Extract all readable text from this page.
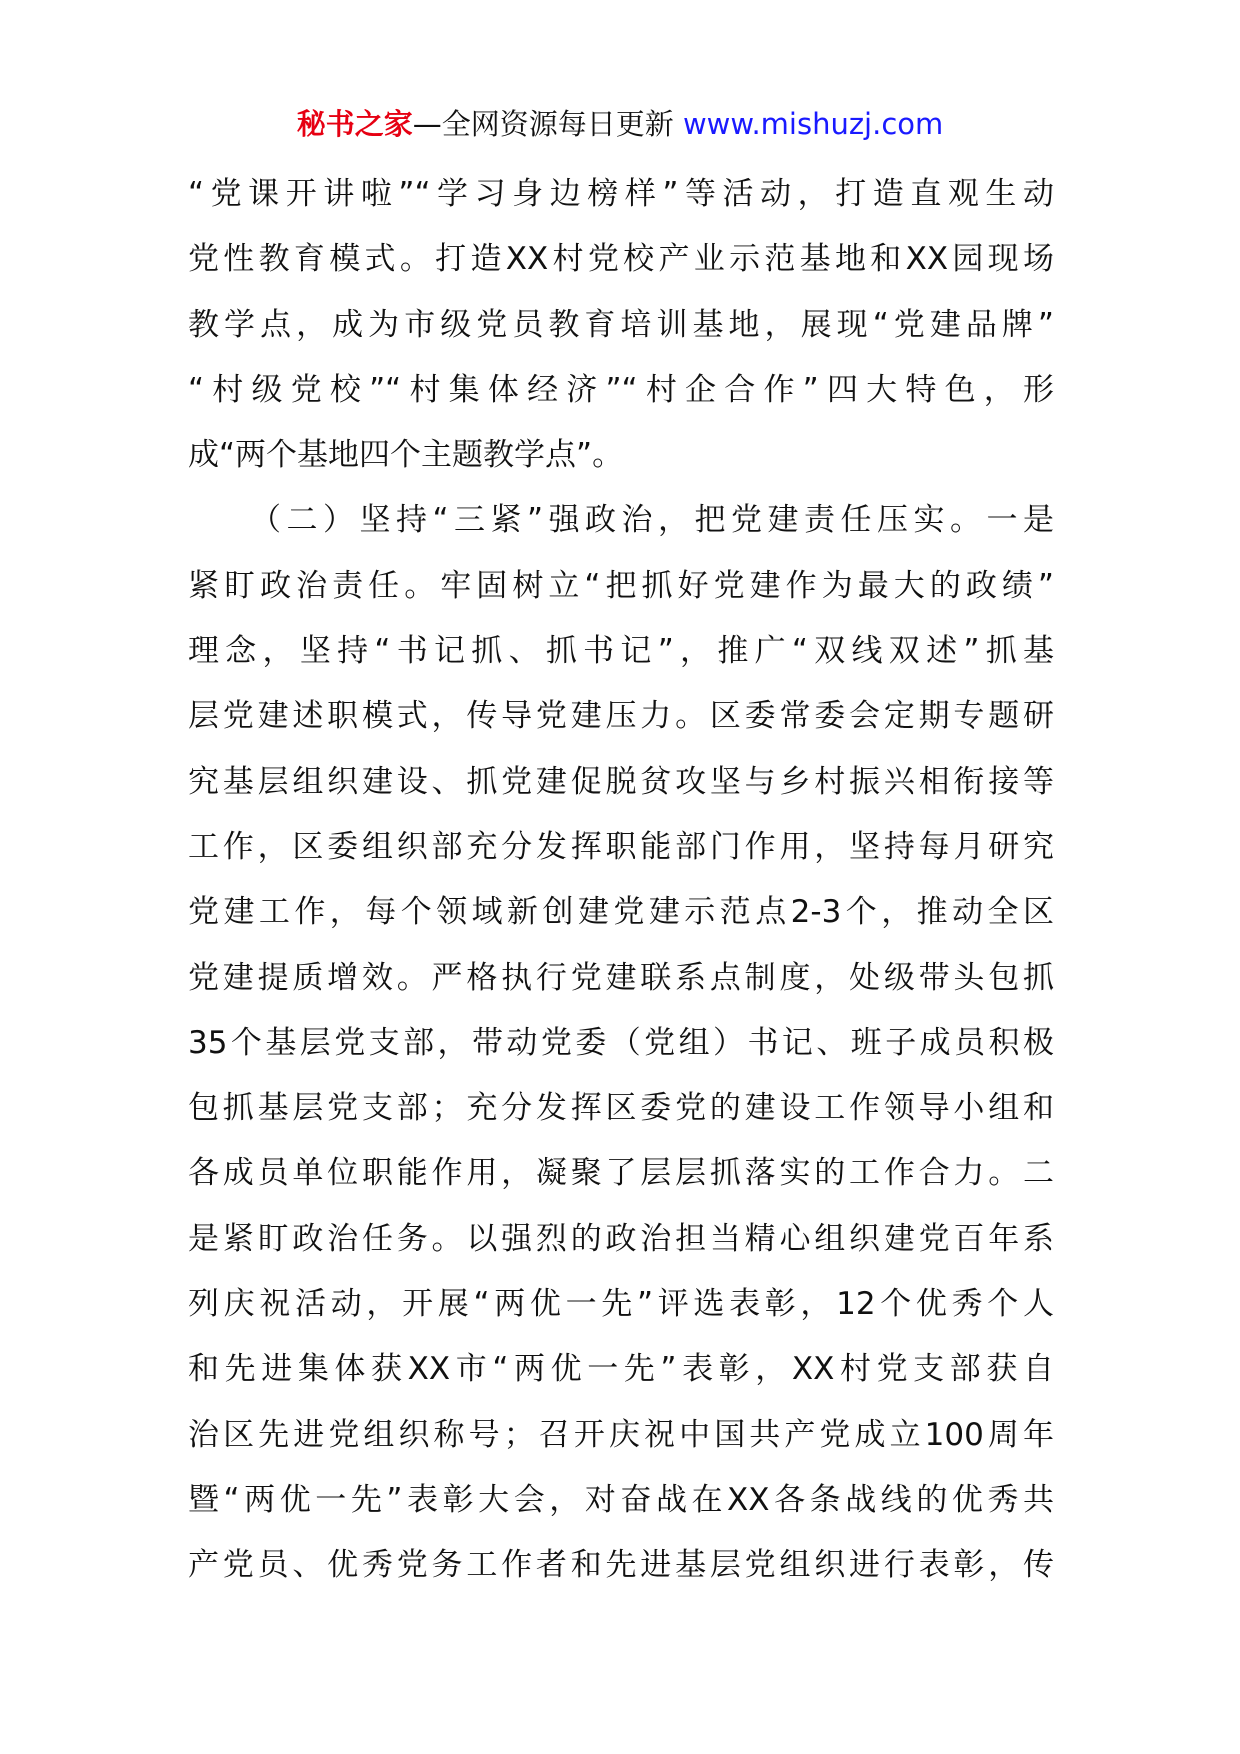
秘书之家—全网资源每日更新 www.mishuzj.com
“党课开讲啦”“学习身边榜样”等活动，打造直观生动
党性教育模式。打造XX村党校产业示范基地和XX园现场
教学点，成为市级党员教育培训基地，展现“党建品牌”
“村级党校”“村集体经济”“村企合作”四大特色，形
成“两个基地四个主题教学点”。
（二）坚持“三紧”强政治，把党建责任压实。一是
紧盯政治责任。牢固树立“把抓好党建作为最大的政绩”
理念，坚持“书记抓、抓书记”，推广“双线双述”抓基
层党建述职模式，传导党建压力。区委常委会定期专题研
究基层组织建设、抓党建促脱贫攻坚与乡村振兴相衔接等
工作，区委组织部充分发挥职能部门作用，坚持每月研究
党建工作，每个领域新创建党建示范点2-3个，推动全区
党建提质增效。严格执行党建联系点制度，处级带头包抓
35个基层党支部，带动党委（党组）书记、班子成员积极
包抓基层党支部；充分发挥区委党的建设工作领导小组和
各成员单位职能作用，凝聚了层层抓落实的工作合力。二
是紧盯政治任务。以强烈的政治担当精心组织建党百年系
列庆祝活动，开展“两优一先”评选表彰，12个优秀个人
和先进集体获XX市“两优一先”表彰，XX村党支部获自
治区先进党组织称号；召开庆祝中国共产党成立100周年
暨“两优一先”表彰大会，对奋战在XX各条战线的优秀共
产党员、优秀党务工作者和先进基层党组织进行表彰，传
